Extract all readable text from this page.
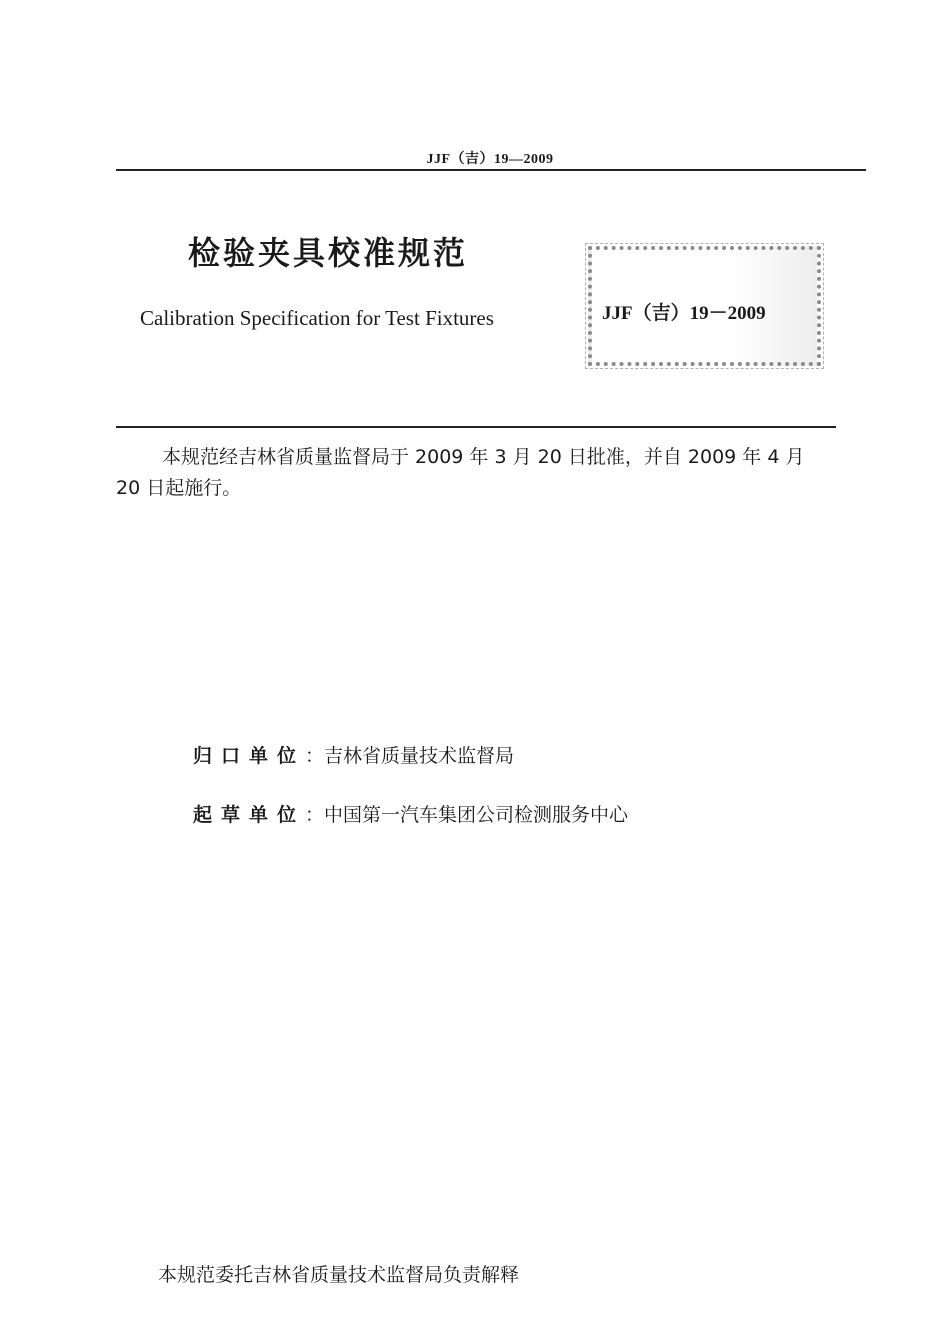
JJF（吉）19—2009
检验夹具校准规范
Calibration Specification for Test Fixtures	JJF（吉）19－2009
本规范经吉林省质量监督局于 2009 年 3 月 20 日批准，并自 2009 年 4 月 20 日起施行。
归口单位：吉林省质量技术监督局
起草单位：中国第一汽车集团公司检测服务中心
本规范委托吉林省质量技术监督局负责解释
